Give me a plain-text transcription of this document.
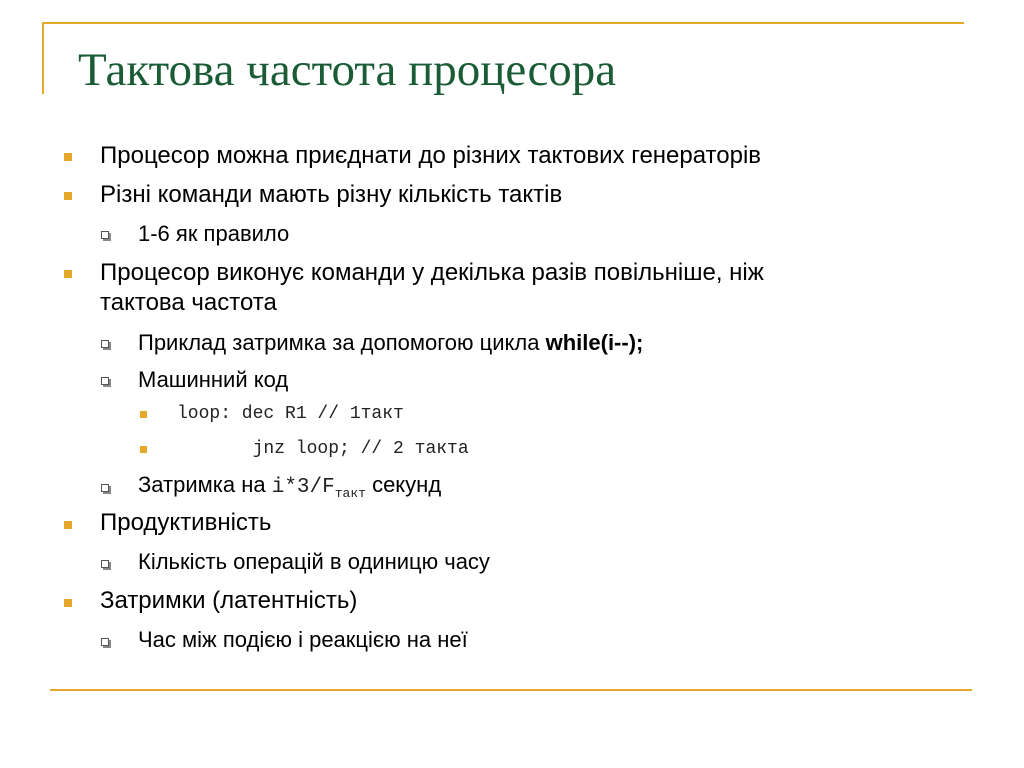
Тактова частота процесора
Процесор можна приєднати до різних тактових генераторів
Різні команди мають різну кількість тактів
1-6 як правило
Процесор виконує команди у декілька разів повільніше, ніж
тактова частота
Приклад затримка за допомогою цикла while(i--);
Машинний код
loop: dec R1 // 1такт
jnz loop; // 2 такта
Затримка на $i*3/F_{такт}$ секунд
Продуктивність
Кількість операцій в одиницю часу
Затримки (латентність)
Час між подією і реакцією на неї
